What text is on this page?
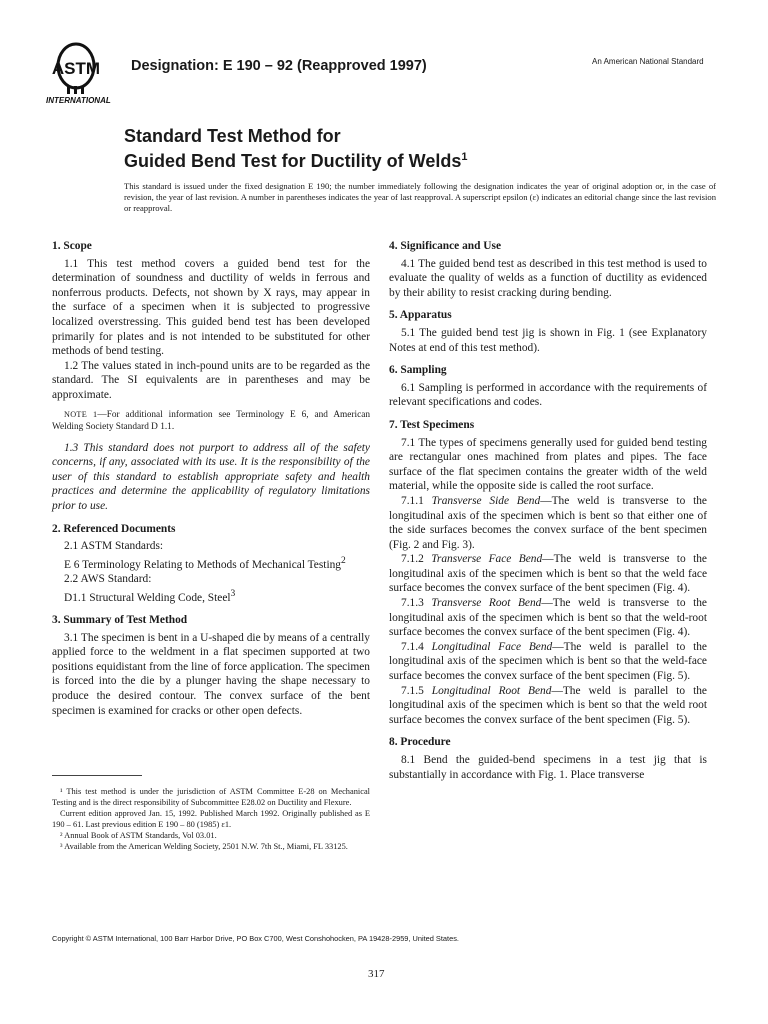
ASTM
INTERNATIONAL
Designation: E 190 – 92 (Reapproved 1997)	An American National Standard
Standard Test Method for
Guided Bend Test for Ductility of Welds$^1$
This standard is issued under the fixed designation E 190; the number immediately following the designation indicates the year of original adoption or, in the case of revision, the year of last revision. A number in parentheses indicates the year of last reapproval. A superscript epsilon (ε) indicates an editorial change since the last revision or reapproval.
1. Scope

1.1 This test method covers a guided bend test for the determination of soundness and ductility of welds in ferrous and nonferrous products. Defects, not shown by X rays, may appear in the surface of a specimen when it is subjected to progressive localized overstressing. This guided bend test has been developed primarily for plates and is not intended to be substituted for other methods of bend testing.

1.2 The values stated in inch-pound units are to be regarded as the standard. The SI equivalents are in parentheses and may be approximate.

NOTE 1—For additional information see Terminology E 6, and American Welding Society Standard D 1.1.

1.3 This standard does not purport to address all of the safety concerns, if any, associated with its use. It is the responsibility of the user of this standard to establish appropriate safety and health practices and determine the applicability of regulatory limitations prior to use.

2. Referenced Documents
2.1 ASTM Standards:
E 6 Terminology Relating to Methods of Mechanical Testing$^2$
2.2 AWS Standard:
D1.1 Structural Welding Code, Steel$^3$
3. Summary of Test Method

3.1 The specimen is bent in a U-shaped die by means of a centrally applied force to the weldment in a flat specimen supported at two positions equidistant from the line of force application. The specimen is forced into the die by a plunger having the shape necessary to produce the desired contour. The convex surface of the bent specimen is examined for cracks or other open defects.

¹ This test method is under the jurisdiction of ASTM Committee E-28 on Mechanical Testing and is the direct responsibility of Subcommittee E28.02 on Ductility and Flexure.

Current edition approved Jan. 15, 1992. Published March 1992. Originally published as E 190 – 61. Last previous edition E 190 – 80 (1985) ε1.

² Annual Book of ASTM Standards, Vol 03.01.

³ Available from the American Welding Society, 2501 N.W. 7th St., Miami, FL 33125.

4. Significance and Use

4.1 The guided bend test as described in this test method is used to evaluate the quality of welds as a function of ductility as evidenced by their ability to resist cracking during bending.

5. Apparatus

5.1 The guided bend test jig is shown in Fig. 1 (see Explanatory Notes at end of this test method).

6. Sampling

6.1 Sampling is performed in accordance with the requirements of relevant specifications and codes.

7. Test Specimens

7.1 The types of specimens generally used for guided bend testing are rectangular ones machined from plates and pipes. The face surface of the flat specimen contains the greater width of the weld material, while the opposite side is called the root surface.

7.1.1 Transverse Side Bend—The weld is transverse to the longitudinal axis of the specimen which is bent so that either one of the side surfaces becomes the convex surface of the bent specimen (Fig. 2 and Fig. 3).

7.1.2 Transverse Face Bend—The weld is transverse to the longitudinal axis of the specimen which is bent so that the weld face surface becomes the convex surface of the bent specimen (Fig. 4).

7.1.3 Transverse Root Bend—The weld is transverse to the longitudinal axis of the specimen which is bent so that the weld-root surface becomes the convex surface of the bent specimen (Fig. 4).

7.1.4 Longitudinal Face Bend—The weld is parallel to the longitudinal axis of the specimen which is bent so that the weld-face surface becomes the convex surface of the bent specimen (Fig. 5).

7.1.5 Longitudinal Root Bend—The weld is parallel to the longitudinal axis of the specimen which is bent so that the weld root surface becomes the convex surface of the bent specimen (Fig. 5).

8. Procedure

8.1 Bend the guided-bend specimens in a test jig that is substantially in accordance with Fig. 1. Place transverse

Copyright © ASTM International, 100 Barr Harbor Drive, PO Box C700, West Conshohocken, PA 19428-2959, United States.
317
